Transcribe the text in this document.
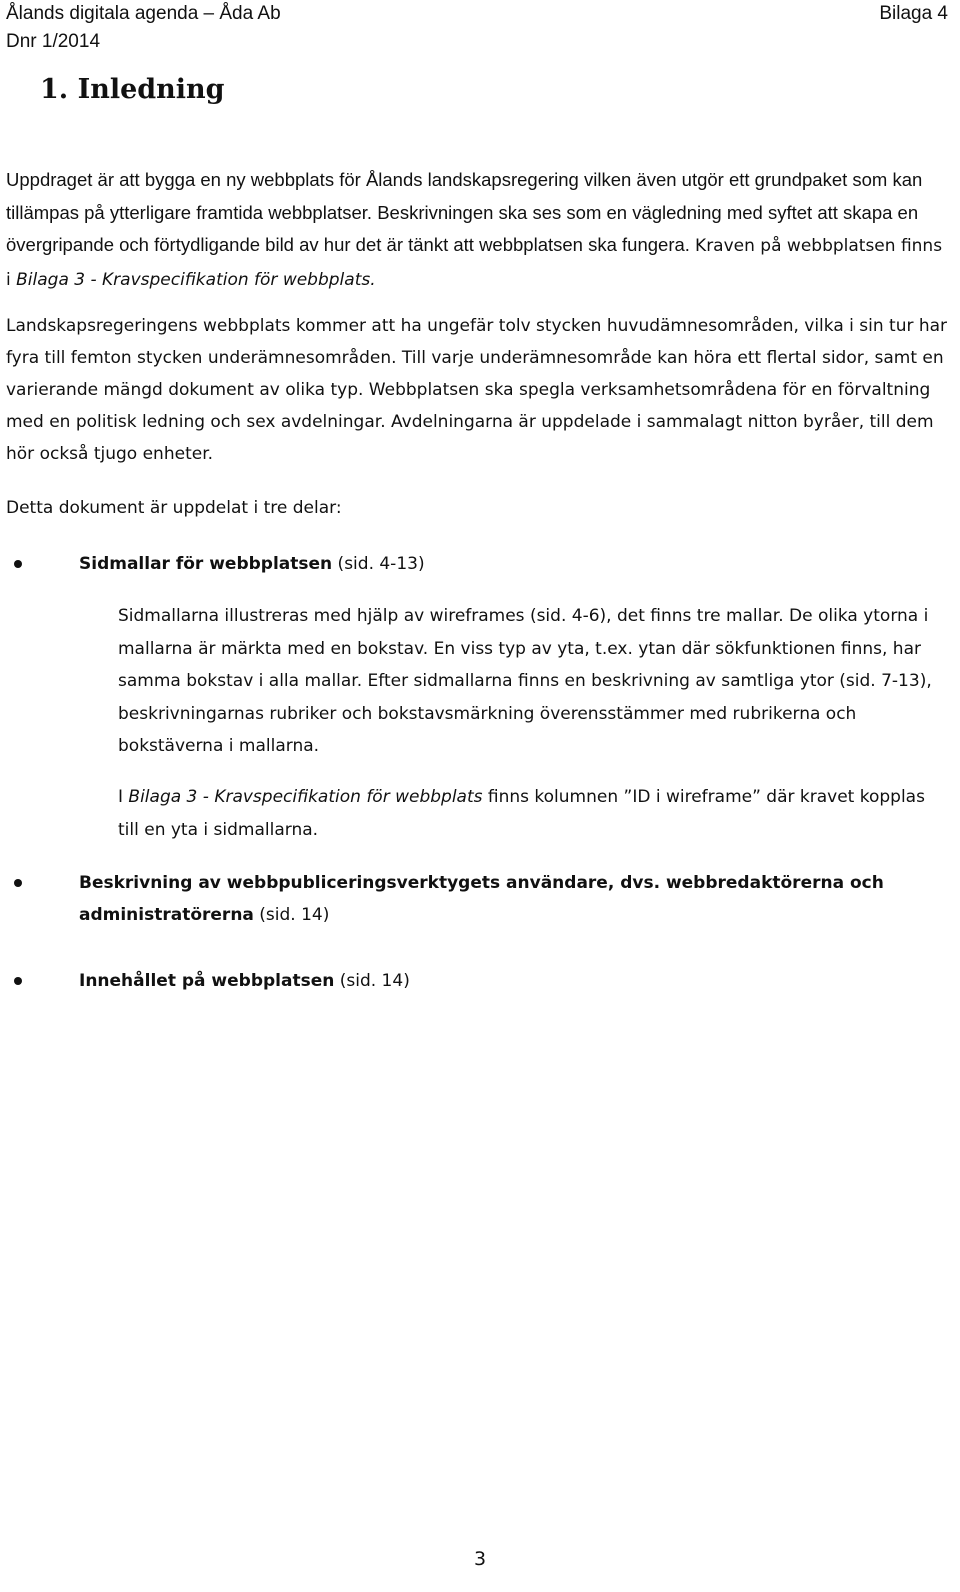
Ålands digitala agenda – Åda Ab
Dnr 1/2014
Bilaga 4
1. Inledning

Uppdraget är att bygga en ny webbplats för Ålands landskapsregering vilken även utgör ett grundpaket som kan tillämpas på ytterligare framtida webbplatser. Beskrivningen ska ses som en vägledning med syftet att skapa en övergripande och förtydligande bild av hur det är tänkt att webbplatsen ska fungera. Kraven på webbplatsen finns i Bilaga 3 - Kravspecifikation för webbplats.

Landskapsregeringens webbplats kommer att ha ungefär tolv stycken huvudämnesområden, vilka i sin tur har fyra till femton stycken underämnesområden. Till varje underämnesområde kan höra ett flertal sidor, samt en varierande mängd dokument av olika typ. Webbplatsen ska spegla verksamhetsområdena för en förvaltning med en politisk ledning och sex avdelningar. Avdelningarna är uppdelade i sammalagt nitton byråer, till dem hör också tjugo enheter.

Detta dokument är uppdelat i tre delar:

Sidmallar för webbplatsen (sid. 4-13)

Sidmallarna illustreras med hjälp av wireframes (sid. 4-6), det finns tre mallar. De olika ytorna i mallarna är märkta med en bokstav. En viss typ av yta, t.ex. ytan där sökfunktionen finns, har samma bokstav i alla mallar. Efter sidmallarna finns en beskrivning av samtliga ytor (sid. 7-13), beskrivningarnas rubriker och bokstavsmärkning överensstämmer med rubrikerna och bokstäverna i mallarna.

I Bilaga 3 - Kravspecifikation för webbplats finns kolumnen ”ID i wireframe” där kravet kopplas till en yta i sidmallarna.

Beskrivning av webbpubliceringsverktygets användare, dvs. webbredaktörerna och administratörerna (sid. 14)
Innehållet på webbplatsen (sid. 14)
3
